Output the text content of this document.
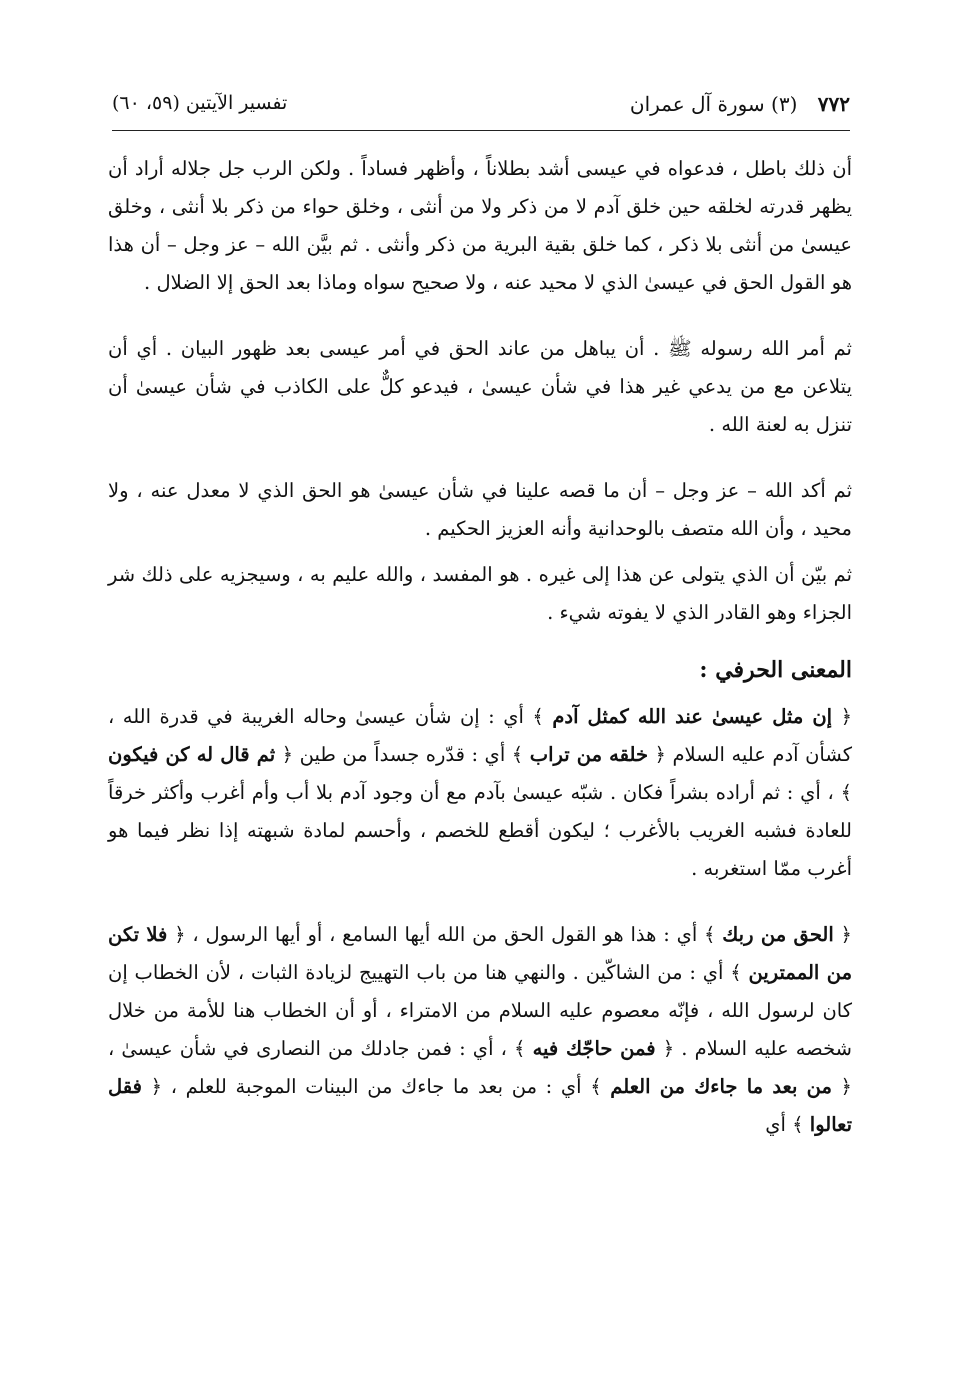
٧٧٢ (٣) سورة آل عمران
تفسير الآيتين (٥٩، ٦٠)

أن ذلك باطل ، فدعواه في عيسى أشد بطلاناً ، وأظهر فساداً . ولكن الرب جل جلاله أراد أن يظهر قدرته لخلقه حين خلق آدم لا من ذكر ولا من أنثى ، وخلق حواء من ذكر بلا أنثى ، وخلق عيسىٰ من أنثى بلا ذكر ، كما خلق بقية البرية من ذكر وأنثى . ثم بيَّن الله – عز وجل – أن هذا هو القول الحق في عيسىٰ الذي لا محيد عنه ، ولا صحيح سواه وماذا بعد الحق إلا الضلال .

ثم أمر الله رسوله ﷺ . أن يباهل من عاند الحق في أمر عيسى بعد ظهور البيان . أي أن يتلاعن مع من يدعي غير هذا في شأن عيسىٰ ، فيدعو كلٌّ على الكاذب في شأن عيسىٰ أن تنزل به لعنة الله .

ثم أكد الله – عز وجل – أن ما قصه علينا في شأن عيسىٰ هو الحق الذي لا معدل عنه ، ولا محيد ، وأن الله متصف بالوحدانية وأنه العزيز الحكيم .

ثم بيّن أن الذي يتولى عن هذا إلى غيره . هو المفسد ، والله عليم به ، وسيجزيه على ذلك شر الجزاء وهو القادر الذي لا يفوته شيء .

المعنى الحرفي :

﴿ إن مثل عيسىٰ عند الله كمثل آدم ﴾ أي : إن شأن عيسىٰ وحاله الغريبة في قدرة الله ، كشأن آدم عليه السلام ﴿ خلقه من تراب ﴾ أي : قدّره جسداً من طين ﴿ ثم قال له كن فيكون ﴾ ، أي : ثم أراده بشراً فكان . شبّه عيسىٰ بآدم مع أن وجود آدم بلا أب وأم أغرب وأكثر خرقاً للعادة فشبه الغريب بالأغرب ؛ ليكون أقطع للخصم ، وأحسم لمادة شبهته إذا نظر فيما هو أغرب ممّا استغربه .

﴿ الحق من ربك ﴾ أي : هذا هو القول الحق من الله أيها السامع ، أو أيها الرسول ، ﴿ فلا تكن من الممترين ﴾ أي : من الشاكّين . والنهي هنا من باب التهييج لزيادة الثبات ، لأن الخطاب إن كان لرسول الله ، فإنّه معصوم عليه السلام من الامتراء ، أو أن الخطاب هنا للأمة من خلال شخصه عليه السلام . ﴿ فمن حاجّك فيه ﴾ ، أي : فمن جادلك من النصارى في شأن عيسىٰ ، ﴿ من بعد ما جاءك من العلم ﴾ أي : من بعد ما جاءك من البينات الموجبة للعلم ، ﴿ فقل تعالوا ﴾ أي
